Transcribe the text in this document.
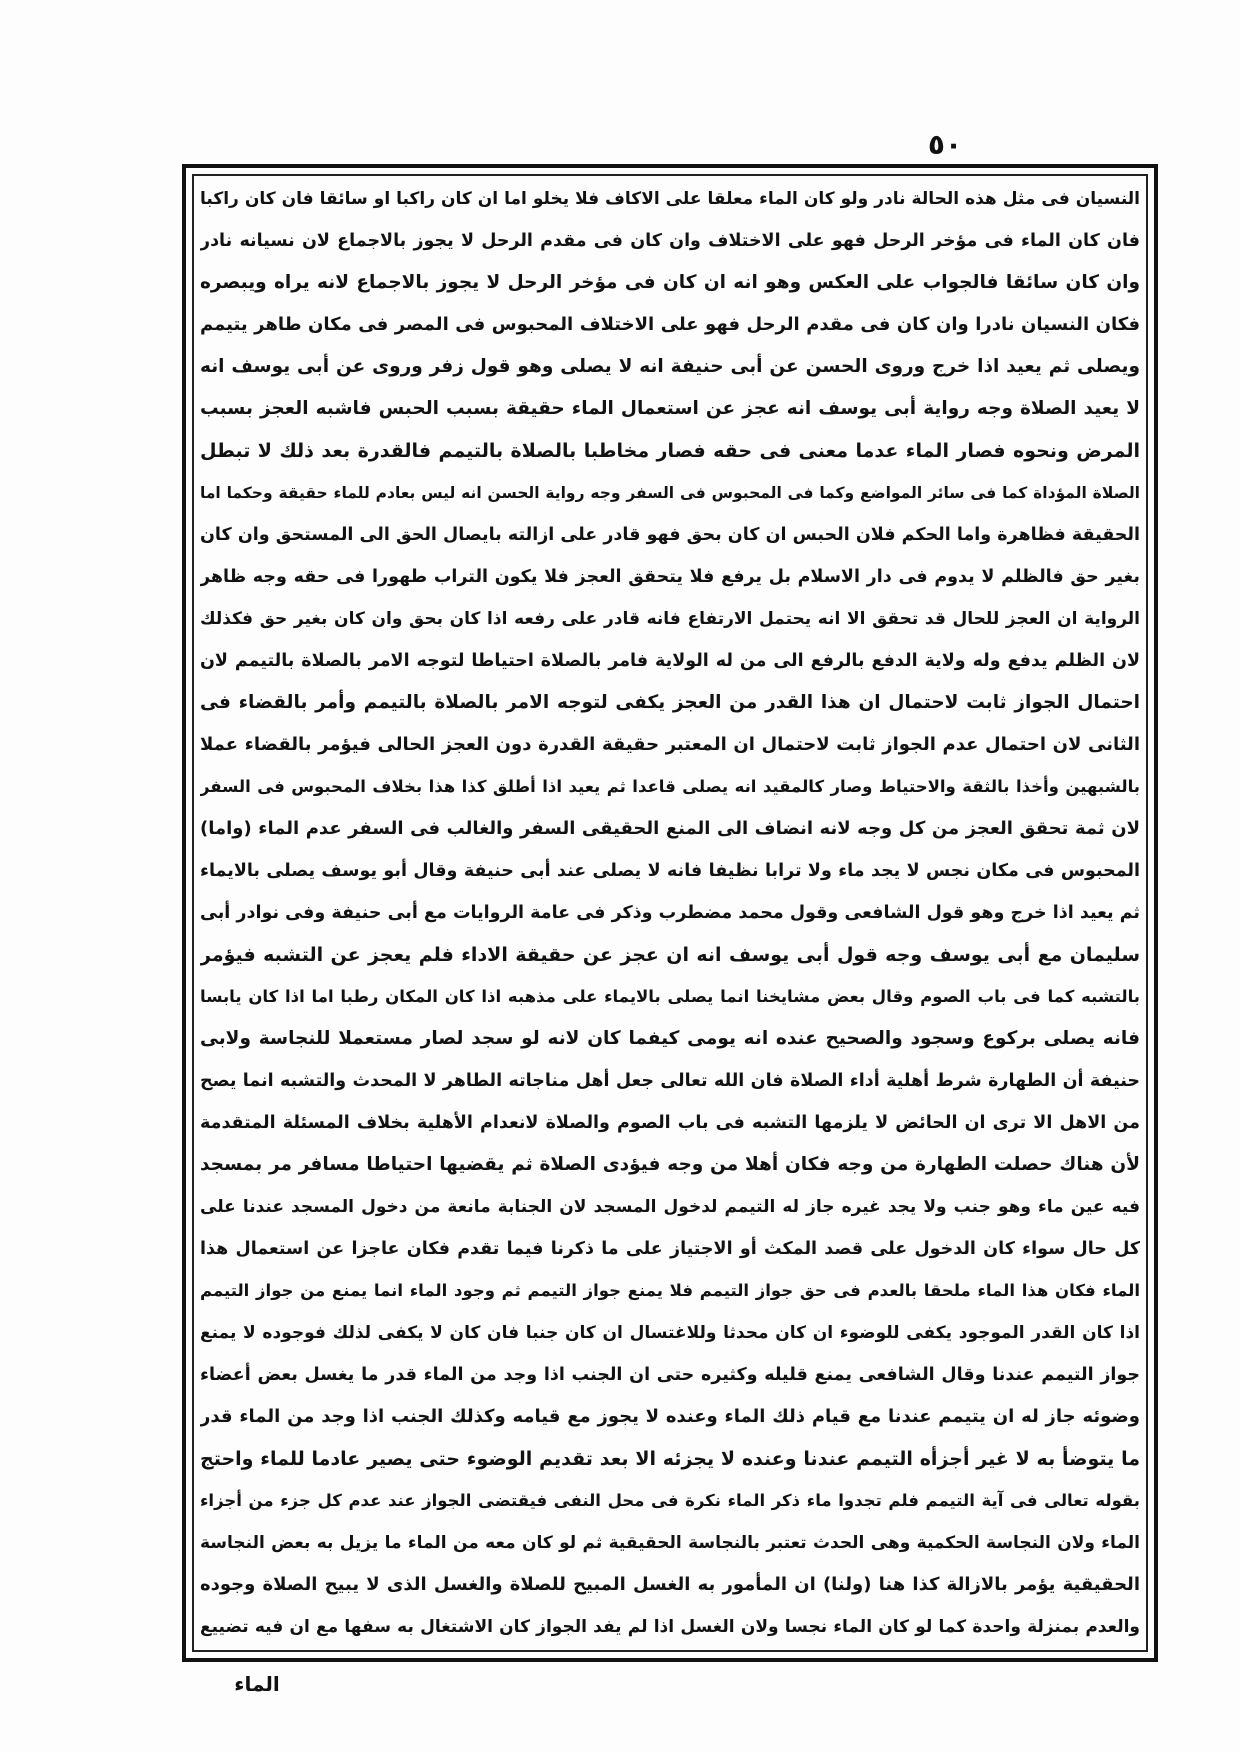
٥٠
النسيان فى مثل هذه الحالة نادر ولو كان الماء معلقا على الاكاف فلا يخلو اما ان كان راكبا او سائقا فان كان راكبا
فان كان الماء فى مؤخر الرحل فهو على الاختلاف وان كان فى مقدم الرحل لا يجوز بالاجماع لان نسيانه نادر
وان كان سائقا فالجواب على العكس وهو انه ان كان فى مؤخر الرحل لا يجوز بالاجماع لانه يراه ويبصره
فكان النسيان نادرا وان كان فى مقدم الرحل فهو على الاختلاف المحبوس فى المصر فى مكان طاهر يتيمم
ويصلى ثم يعيد اذا خرج وروى الحسن عن أبى حنيفة انه لا يصلى وهو قول زفر وروى عن أبى يوسف انه
لا يعيد الصلاة وجه رواية أبى يوسف انه عجز عن استعمال الماء حقيقة بسبب الحبس فاشبه العجز بسبب
المرض ونحوه فصار الماء عدما معنى فى حقه فصار مخاطبا بالصلاة بالتيمم فالقدرة بعد ذلك لا تبطل
الصلاة المؤداة كما فى سائر المواضع وكما فى المحبوس فى السفر وجه رواية الحسن انه ليس بعادم للماء حقيقة وحكما اما
الحقيقة فظاهرة واما الحكم فلان الحبس ان كان بحق فهو قادر على ازالته بايصال الحق الى المستحق وان كان
بغير حق فالظلم لا يدوم فى دار الاسلام بل يرفع فلا يتحقق العجز فلا يكون التراب طهورا فى حقه وجه ظاهر
الرواية ان العجز للحال قد تحقق الا انه يحتمل الارتفاع فانه قادر على رفعه اذا كان بحق وان كان بغير حق فكذلك
لان الظلم يدفع وله ولاية الدفع بالرفع الى من له الولاية فامر بالصلاة احتياطا لتوجه الامر بالصلاة بالتيمم لان
احتمال الجواز ثابت لاحتمال ان هذا القدر من العجز يكفى لتوجه الامر بالصلاة بالتيمم وأمر بالقضاء فى
الثانى لان احتمال عدم الجواز ثابت لاحتمال ان المعتبر حقيقة القدرة دون العجز الحالى فيؤمر بالقضاء عملا
بالشبهين وأخذا بالثقة والاحتياط وصار كالمقيد انه يصلى قاعدا ثم يعيد اذا أطلق كذا هذا بخلاف المحبوس فى السفر
لان ثمة تحقق العجز من كل وجه لانه انضاف الى المنع الحقيقى السفر والغالب فى السفر عدم الماء (واما)
المحبوس فى مكان نجس لا يجد ماء ولا ترابا نظيفا فانه لا يصلى عند أبى حنيفة وقال أبو يوسف يصلى بالايماء
ثم يعيد اذا خرج وهو قول الشافعى وقول محمد مضطرب وذكر فى عامة الروايات مع أبى حنيفة وفى نوادر أبى
سليمان مع أبى يوسف وجه قول أبى يوسف انه ان عجز عن حقيقة الاداء فلم يعجز عن التشبه فيؤمر
بالتشبه كما فى باب الصوم وقال بعض مشايخنا انما يصلى بالايماء على مذهبه اذا كان المكان رطبا اما اذا كان يابسا
فانه يصلى بركوع وسجود والصحيح عنده انه يومى كيفما كان لانه لو سجد لصار مستعملا للنجاسة ولابى
حنيفة أن الطهارة شرط أهلية أداء الصلاة فان الله تعالى جعل أهل مناجاته الطاهر لا المحدث والتشبه انما يصح
من الاهل الا ترى ان الحائض لا يلزمها التشبه فى باب الصوم والصلاة لانعدام الأهلية بخلاف المسئلة المتقدمة
لأن هناك حصلت الطهارة من وجه فكان أهلا من وجه فيؤدى الصلاة ثم يقضيها احتياطا مسافر مر بمسجد
فيه عين ماء وهو جنب ولا يجد غيره جاز له التيمم لدخول المسجد لان الجنابة مانعة من دخول المسجد عندنا على
كل حال سواء كان الدخول على قصد المكث أو الاجتياز على ما ذكرنا فيما تقدم فكان عاجزا عن استعمال هذا
الماء فكان هذا الماء ملحقا بالعدم فى حق جواز التيمم فلا يمنع جواز التيمم ثم وجود الماء انما يمنع من جواز التيمم
اذا كان القدر الموجود يكفى للوضوء ان كان محدثا وللاغتسال ان كان جنبا فان كان لا يكفى لذلك فوجوده لا يمنع
جواز التيمم عندنا وقال الشافعى يمنع قليله وكثيره حتى ان الجنب اذا وجد من الماء قدر ما يغسل بعض أعضاء
وضوئه جاز له ان يتيمم عندنا مع قيام ذلك الماء وعنده لا يجوز مع قيامه وكذلك الجنب اذا وجد من الماء قدر
ما يتوضأ به لا غير أجزأه التيمم عندنا وعنده لا يجزئه الا بعد تقديم الوضوء حتى يصير عادما للماء واحتج
بقوله تعالى فى آية التيمم فلم تجدوا ماء ذكر الماء نكرة فى محل النفى فيقتضى الجواز عند عدم كل جزء من أجزاء
الماء ولان النجاسة الحكمية وهى الحدث تعتبر بالنجاسة الحقيقية ثم لو كان معه من الماء ما يزيل به بعض النجاسة
الحقيقية يؤمر بالازالة كذا هنا (ولنا) ان المأمور به الغسل المبيح للصلاة والغسل الذى لا يبيح الصلاة وجوده
والعدم بمنزلة واحدة كما لو كان الماء نجسا ولان الغسل اذا لم يفد الجواز كان الاشتغال به سفها مع ان فيه تضييع
الماء
